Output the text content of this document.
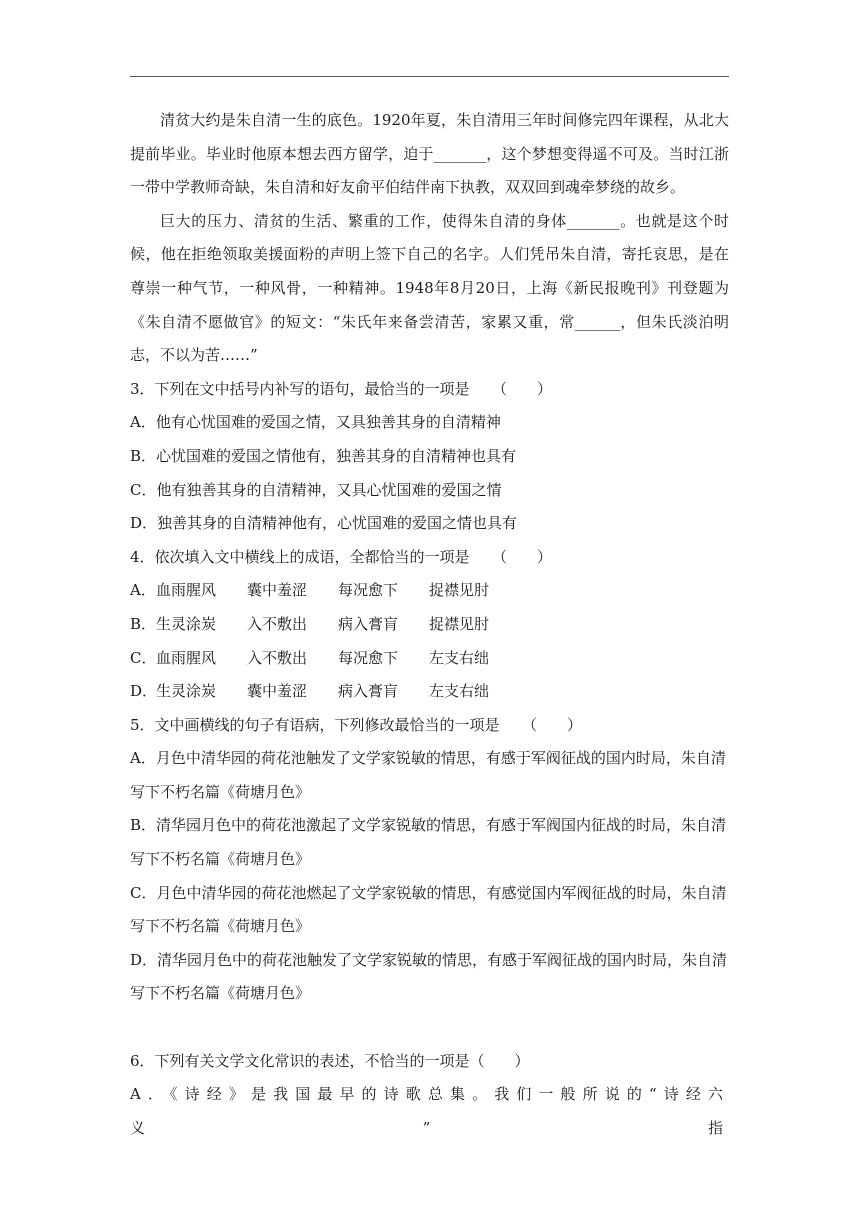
清贫大约是朱自清一生的底色。1920年夏，朱自清用三年时间修完四年课程，从北大提前毕业。毕业时他原本想去西方留学，迫于_______，这个梦想变得遥不可及。当时江浙一带中学教师奇缺，朱自清和好友俞平伯结伴南下执教，双双回到魂牵梦绕的故乡。

巨大的压力、清贫的生活、繁重的工作，使得朱自清的身体_______。也就是这个时候，他在拒绝领取美援面粉的声明上签下自己的名字。人们凭吊朱自清，寄托哀思，是在尊崇一种气节，一种风骨，一种精神。1948年8月20日，上海《新民报晚刊》刊登题为《朱自清不愿做官》的短文：“朱氏年来备尝清苦，家累又重，常______，但朱氏淡泊明志，不以为苦……”

3．下列在文中括号内补写的语句，最恰当的一项是　　（　　）
A．他有心忧国难的爱国之情，又具独善其身的自清精神
B．心忧国难的爱国之情他有，独善其身的自清精神也具有
C．他有独善其身的自清精神，又具心忧国难的爱国之情
D．独善其身的自清精神他有，心忧国难的爱国之情也具有
4．依次填入文中横线上的成语，全都恰当的一项是　　（　　）
A．血雨腥风 囊中羞涩 每况愈下 捉襟见肘
B．生灵涂炭 入不敷出 病入膏肓 捉襟见肘
C．血雨腥风 入不敷出 每况愈下 左支右绌
D．生灵涂炭 囊中羞涩 病入膏肓 左支右绌
5．文中画横线的句子有语病，下列修改最恰当的一项是　　（　　）

A．月色中清华园的荷花池触发了文学家锐敏的情思，有感于军阀征战的国内时局，朱自清写下不朽名篇《荷塘月色》

B．清华园月色中的荷花池激起了文学家锐敏的情思，有感于军阀国内征战的时局，朱自清写下不朽名篇《荷塘月色》

C．月色中清华园的荷花池燃起了文学家锐敏的情思，有感觉国内军阀征战的时局，朱自清写下不朽名篇《荷塘月色》

D．清华园月色中的荷花池触发了文学家锐敏的情思，有感于军阀征战的国内时局，朱自清写下不朽名篇《荷塘月色》

6．下列有关文学文化常识的表述，不恰当的一项是（　　）
A．《诗经》是我国最早的诗歌总集。我们一般所说的“诗经六义”指
